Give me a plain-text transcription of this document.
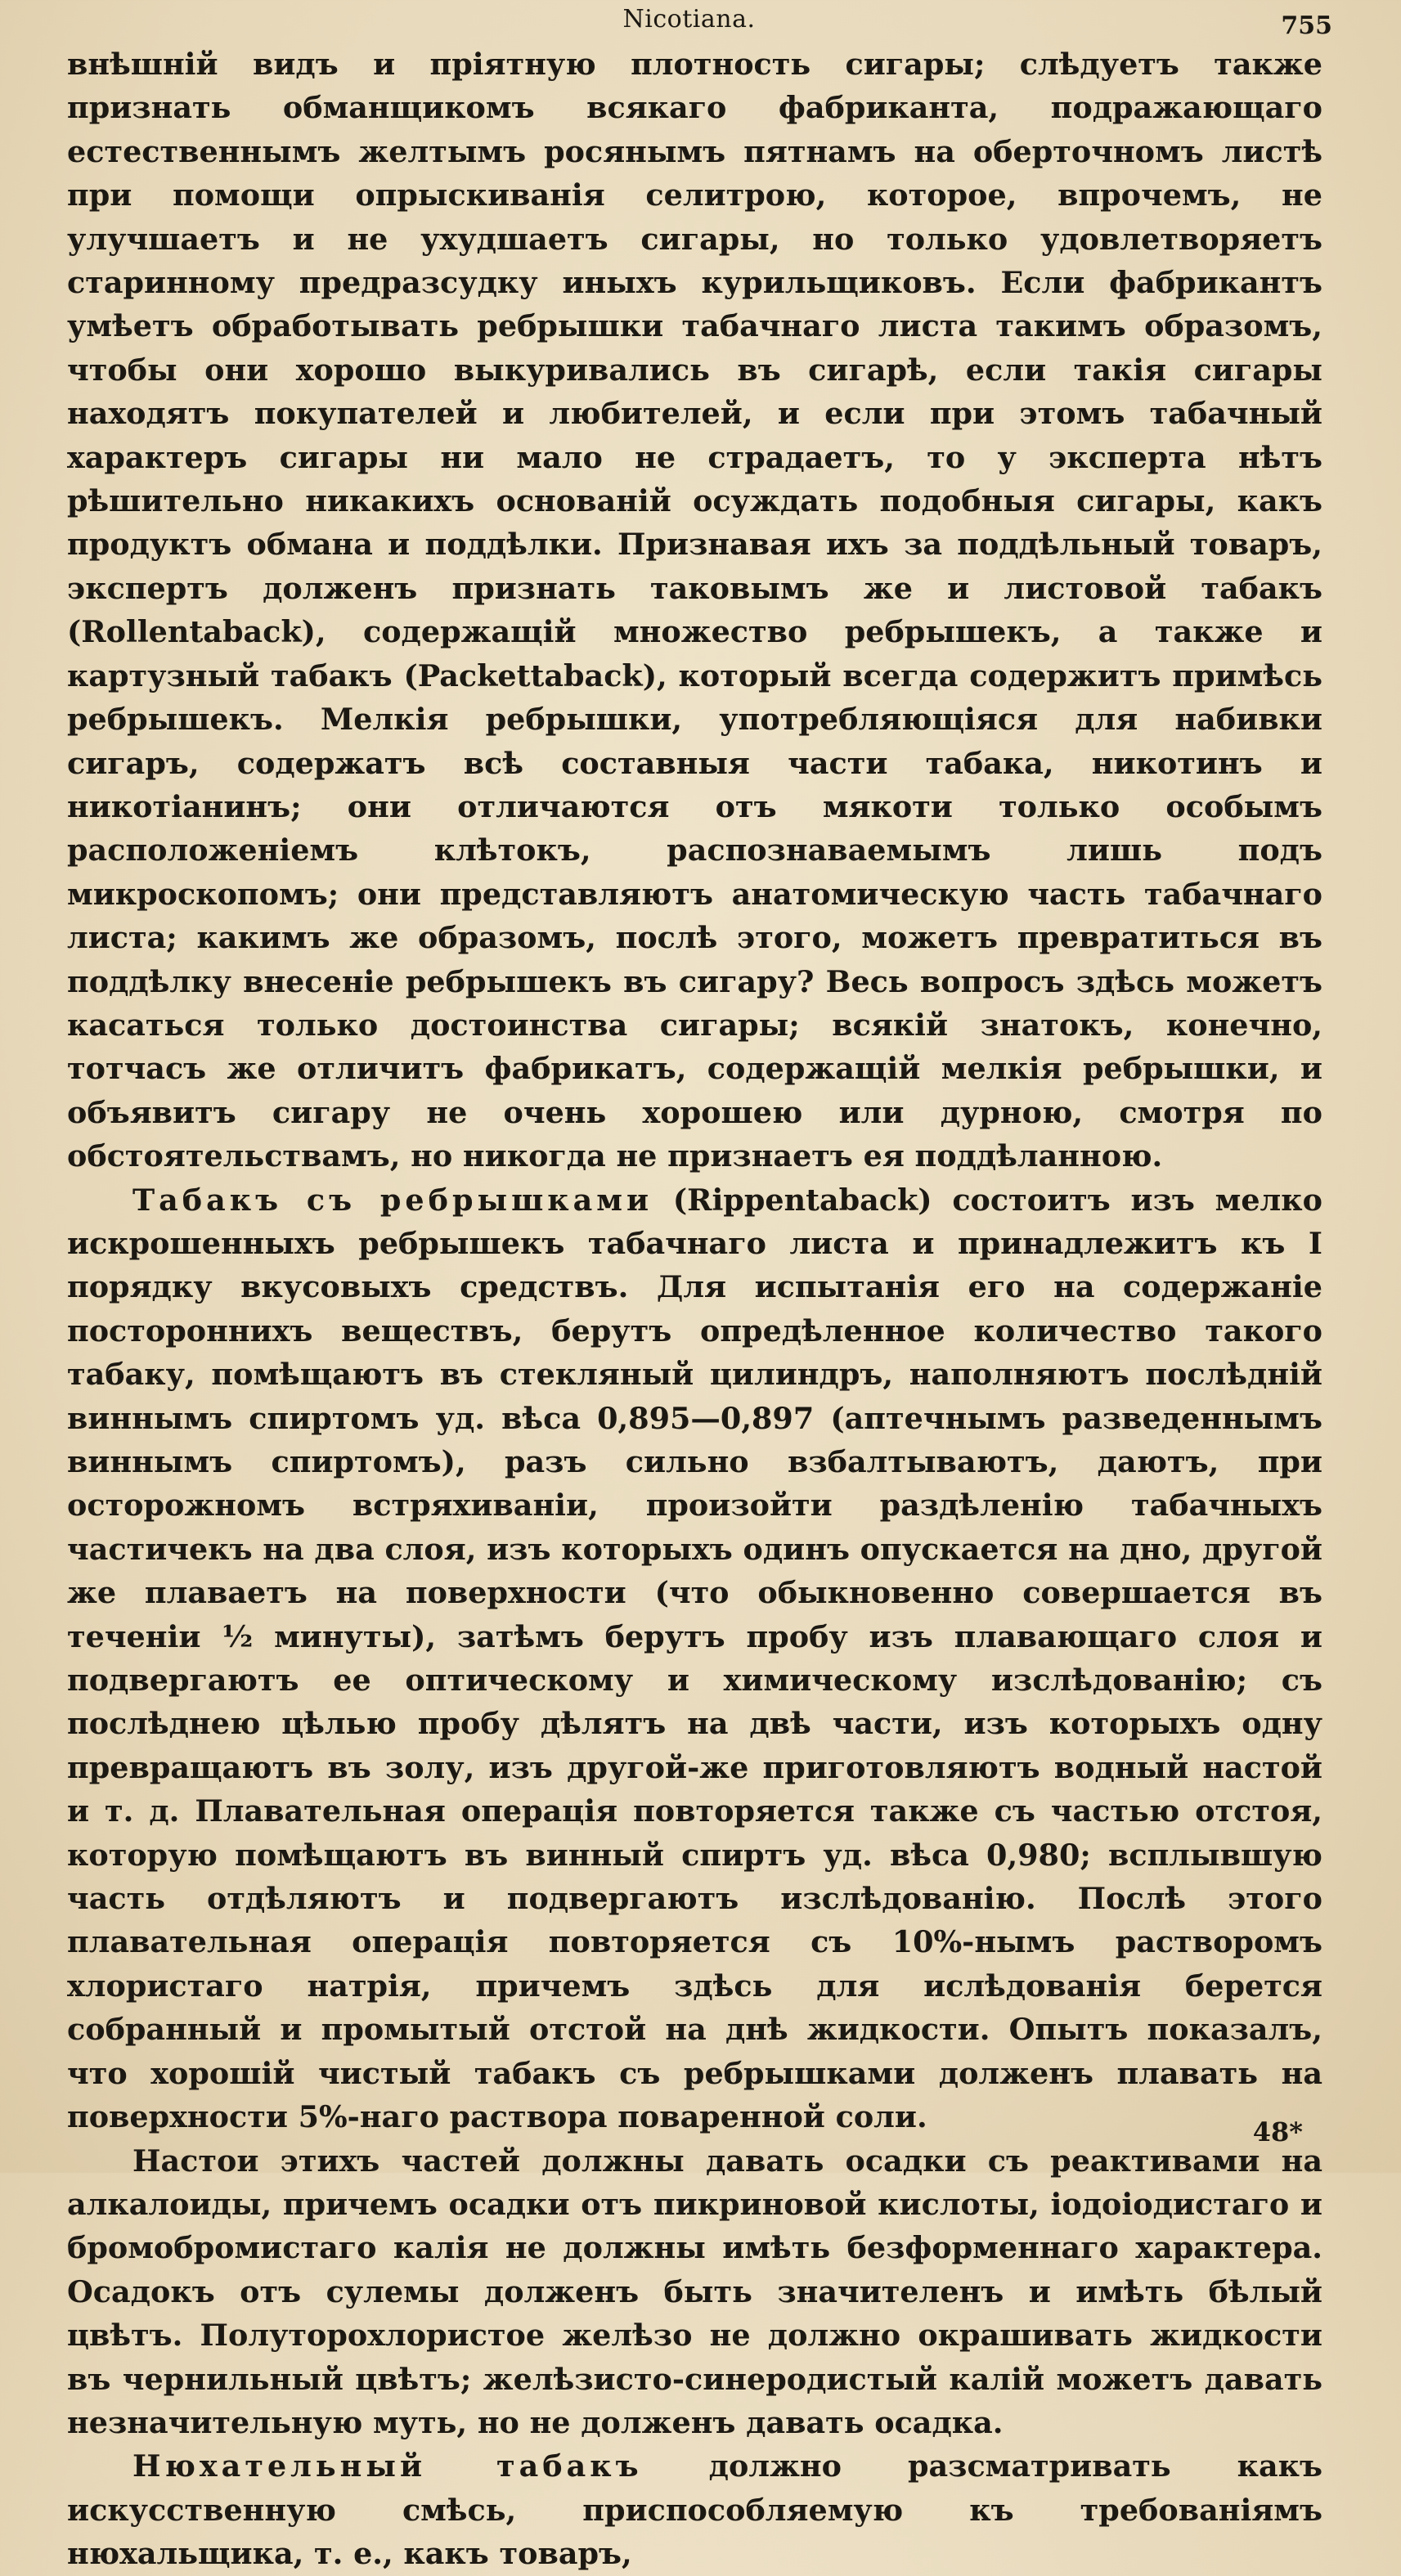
Nicotiana.	755

внѣшній видъ и пріятную плотность сигары; слѣдуетъ также признать обманщикомъ всякаго фабриканта, подражающаго естественнымъ желтымъ росянымъ пятнамъ на оберточномъ листѣ при помощи опрыскиванія селитрою, которое, впрочемъ, не улучшаетъ и не ухудшаетъ сигары, но только удовлетворяетъ старинному предразсудку иныхъ курильщиковъ. Если фабрикантъ умѣетъ обработывать ребрышки табачнаго листа такимъ образомъ, чтобы они хорошо выкуривались въ сигарѣ, если такія сигары находятъ покупателей и любителей, и если при этомъ табачный характеръ сигары ни мало не страдаетъ, то у эксперта нѣтъ рѣшительно никакихъ основаній осуждать подобныя сигары, какъ продуктъ обмана и поддѣлки. Признавая ихъ за поддѣльный товаръ, экспертъ долженъ признать таковымъ же и листовой табакъ (Rollentaback), содержащій множество ребрышекъ, а также и картузный табакъ (Packettaback), который всегда содержитъ примѣсь ребрышекъ. Мелкія ребрышки, употребляющіяся для набивки сигаръ, содержатъ всѣ составныя части табака, никотинъ и никотіанинъ; они отличаются отъ мякоти только особымъ расположеніемъ клѣтокъ, распознаваемымъ лишь подъ микроскопомъ; они представляютъ анатомическую часть табачнаго листа; какимъ же образомъ, послѣ этого, можетъ превратиться въ поддѣлку внесеніе ребрышекъ въ сигару? Весь вопросъ здѣсь можетъ касаться только достоинства сигары; всякій знатокъ, конечно, тотчасъ же отличитъ фабрикатъ, содержащій мелкія ребрышки, и объявитъ сигару не очень хорошею или дурною, смотря по обстоятельствамъ, но никогда не признаетъ ея поддѣланною.

Табакъ съ ребрышками (Rippentaback) состоитъ изъ мелко искрошенныхъ ребрышекъ табачнаго листа и принадлежитъ къ I порядку вкусовыхъ средствъ. Для испытанія его на содержаніе постороннихъ веществъ, берутъ опредѣленное количество такого табаку, помѣщаютъ въ стекляный цилиндръ, наполняютъ послѣдній виннымъ спиртомъ уд. вѣса 0,895—0,897 (аптечнымъ разведеннымъ виннымъ спиртомъ), разъ сильно взбалтываютъ, даютъ, при осторожномъ встряхиваніи, произойти раздѣленію табачныхъ частичекъ на два слоя, изъ которыхъ одинъ опускается на дно, другой же плаваетъ на поверхности (что обыкновенно совершается въ теченіи ½ минуты), затѣмъ берутъ пробу изъ плавающаго слоя и подвергаютъ ее оптическому и химическому изслѣдованію; съ послѣднею цѣлью пробу дѣлятъ на двѣ части, изъ которыхъ одну превращаютъ въ золу, изъ другой-же приготовляютъ водный настой и т. д. Плавательная операція повторяется также съ частью отстоя, которую помѣщаютъ въ винный спиртъ уд. вѣса 0,980; всплывшую часть отдѣляютъ и подвергаютъ изслѣдованію. Послѣ этого плавательная операція повторяется съ 10%-нымъ растворомъ хлористаго натрія, причемъ здѣсь для иcлѣдованія берется собранный и промытый отстой на днѣ жидкости. Опытъ показалъ, что хорошій чистый табакъ съ ребрышками долженъ плавать на поверхности 5%-наго раствора поваренной соли.

Настои этихъ частей должны давать осадки съ реактивами на алкалоиды, причемъ осадки отъ пикриновой кислоты, іодоіодистаго и бромобромистаго калія не должны имѣть безформеннаго характера. Осадокъ отъ сулемы долженъ быть значителенъ и имѣть бѣлый цвѣтъ. Полуторохлористое желѣзо не должно окрашивать жидкости въ чернильный цвѣтъ; желѣзисто-синеродистый калій можетъ давать незначительную муть, но не долженъ давать осадка.

Нюхательный табакъ должно разсматривать какъ искусственную смѣсь, приспособляемую къ требованіямъ нюхальщика, т. е., какъ товаръ,

48*
